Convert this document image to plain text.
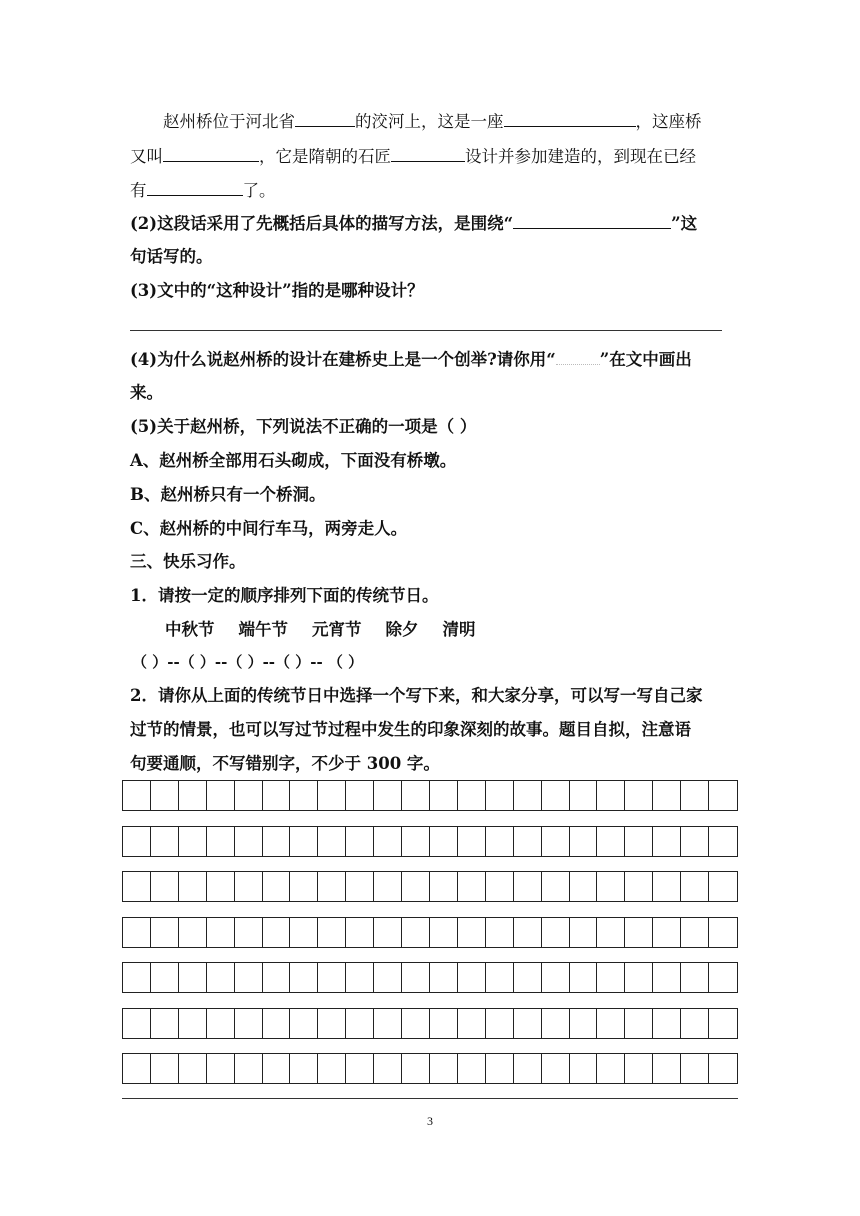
赵州桥位于河北省	的洨河上，这是一座	，这座桥
又叫	，它是隋朝的石匠	设计并参加建造的，到现在已经
有	了。
(2)这段话采用了先概括后具体的描写方法，是围绕“	”这
句话写的。
(3)文中的“这种设计”指的是哪种设计？
(4)为什么说赵州桥的设计在建桥史上是一个创举?请你用“	”在文中画出
来。
(5)关于赵州桥，下列说法不正确的一项是（ ）
A、赵州桥全部用石头砌成，下面没有桥墩。
B、赵州桥只有一个桥洞。
C、赵州桥的中间行车马，两旁走人。
三、快乐习作。
1．请按一定的顺序排列下面的传统节日。
中秋节 端午节 元宵节 除夕 清明
（ ）--（ ）--（ ）--（ ）-- （ ）
2．请你从上面的传统节日中选择一个写下来，和大家分享，可以写一写自己家
过节的情景，也可以写过节过程中发生的印象深刻的故事。题目自拟，注意语
句要通顺，不写错别字，不少于 300 字。
3
